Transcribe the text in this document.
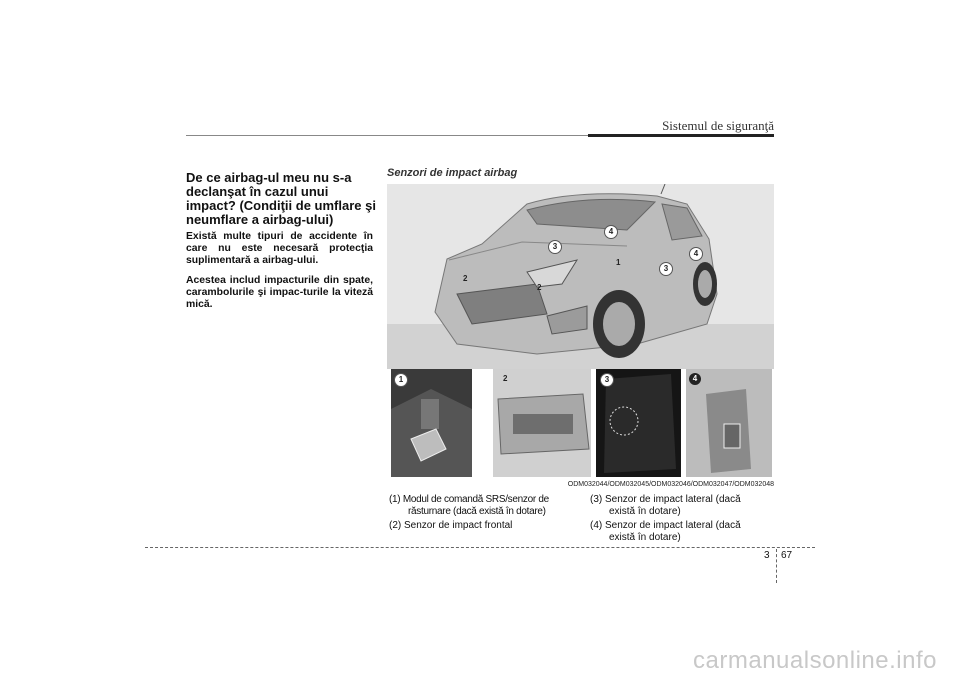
Sistemul de siguranţă
De ce airbag-ul meu nu s-a declanşat în cazul unui impact? (Condiţii de umflare şi neumflare a airbag-ului)

Există multe tipuri de accidente în care nu este necesară protecţia suplimentară a airbag-ului.

Acestea includ impacturile din spate, carambolurile şi impac-turile la viteză mică.

Senzori de impact airbag
3
4
3
4
1
2
2
1	2	3	4
ODM032044/ODM032045/ODM032046/ODM032047/ODM032048
(1) Modul de comandă SRS/senzor de
răsturnare (dacă există în dotare)
(2) Senzor de impact frontal
(3) Senzor de impact lateral (dacă
există în dotare)
(4) Senzor de impact lateral (dacă
există în dotare)
3 67
carmanualsonline.info
